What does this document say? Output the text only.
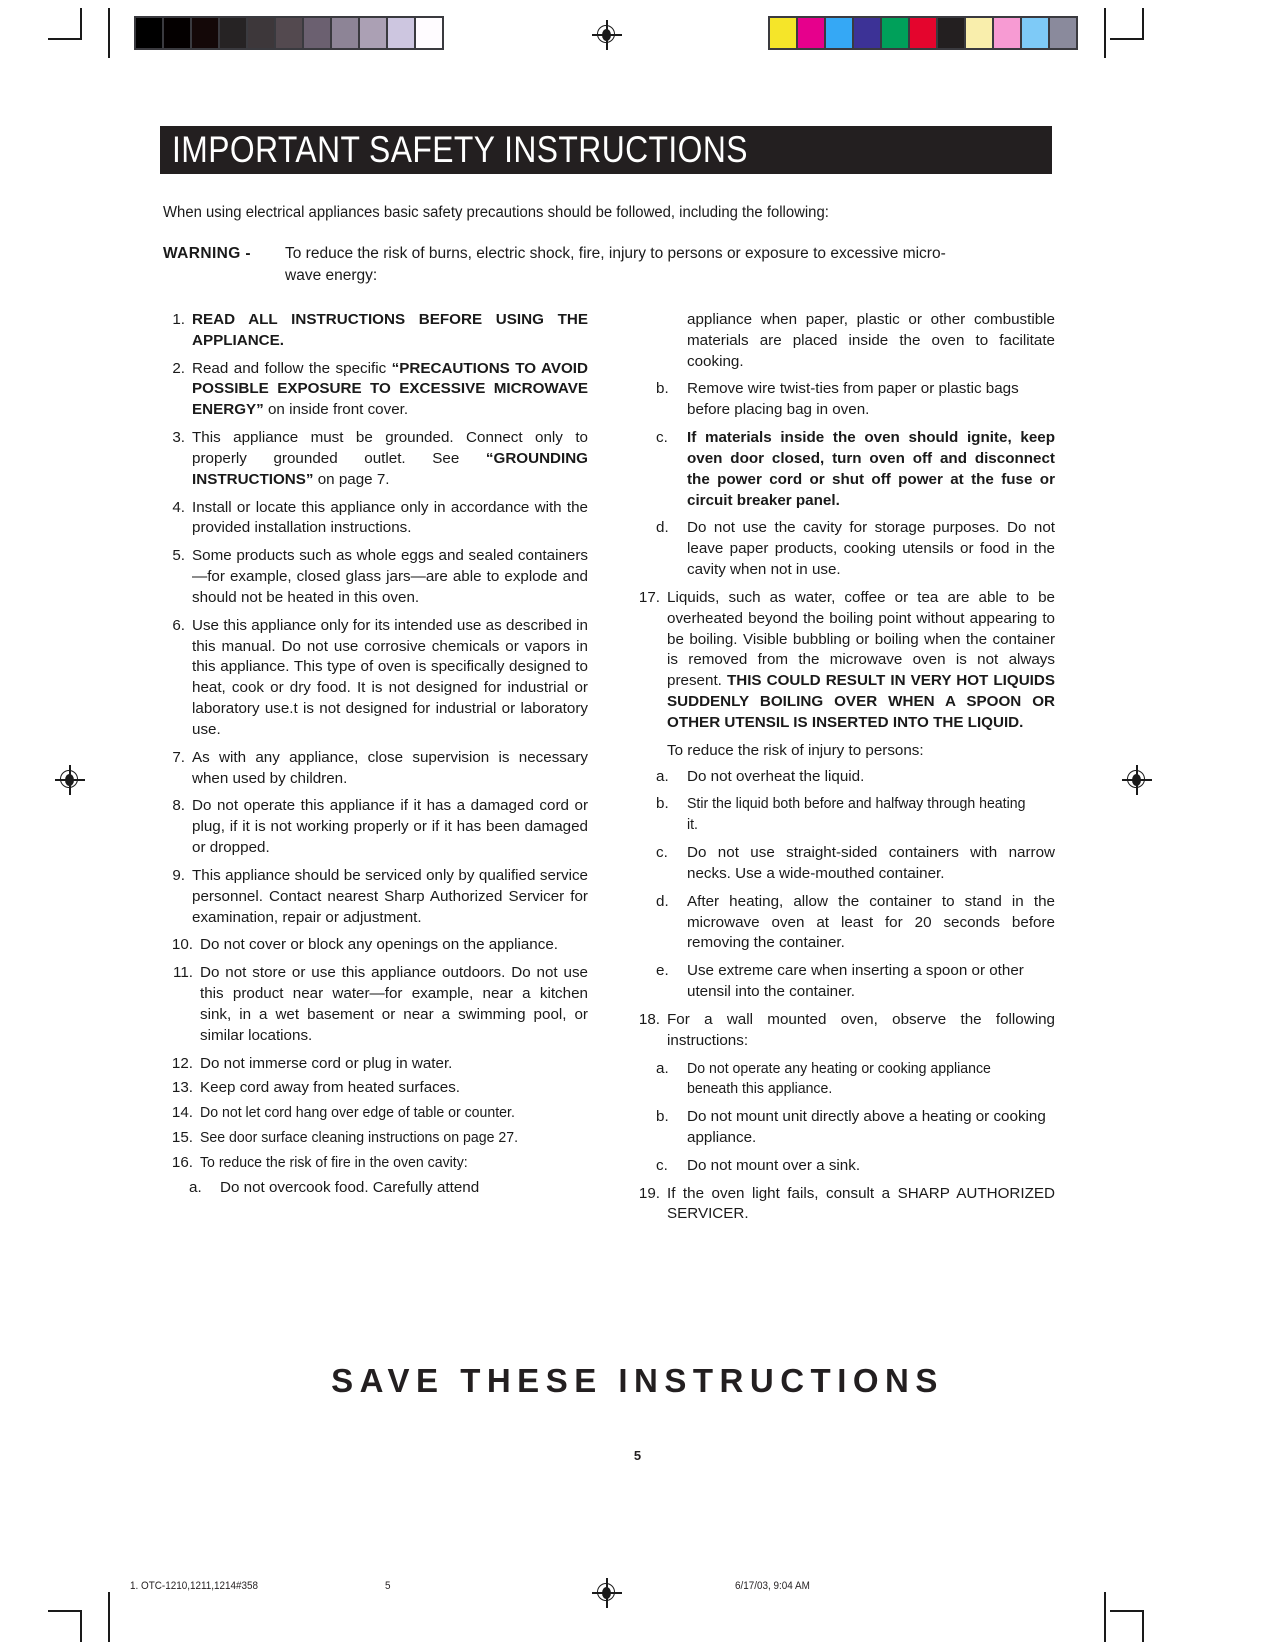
IMPORTANT SAFETY INSTRUCTIONS
When using electrical appliances basic safety precautions should be followed, including the following:
WARNING - To reduce the risk of burns, electric shock, fire, injury to persons or exposure to excessive micro-
wave energy:
1. READ ALL INSTRUCTIONS BEFORE USING THE APPLIANCE.
2. Read and follow the specific “PRECAUTIONS TO AVOID POSSIBLE EXPOSURE TO EXCESSIVE MICROWAVE ENERGY” on inside front cover.
3. This appliance must be grounded. Connect only to properly grounded outlet. See “GROUNDING INSTRUCTIONS” on page 7.
4. Install or locate this appliance only in accordance with the provided installation instructions.
5. Some products such as whole eggs and sealed containers—for example, closed glass jars—are able to explode and should not be heated in this oven.
6. Use this appliance only for its intended use as described in this manual. Do not use corrosive chemicals or vapors in this appliance. This type of oven is specifically designed to heat, cook or dry food. It is not designed for industrial or laboratory use.t is not designed for industrial or laboratory use.
7. As with any appliance, close supervision is necessary when used by children.
8. Do not operate this appliance if it has a damaged cord or plug, if it is not working properly or if it has been damaged or dropped.
9. This appliance should be serviced only by qualified service personnel. Contact nearest Sharp Authorized Servicer for examination, repair or adjustment.
10. Do not cover or block any openings on the appliance.
11. Do not store or use this appliance outdoors. Do not use this product near water—for example, near a kitchen sink, in a wet basement or near a swimming pool, or similar locations.
12. Do not immerse cord or plug in water.
13. Keep cord away from heated surfaces.
14. Do not let cord hang over edge of table or counter.
15. See door surface cleaning instructions on page 27.
16. To reduce the risk of fire in the oven cavity:
a.	Do not overcook food. Carefully attend
appliance when paper, plastic or other combustible materials are placed inside the oven to facilitate cooking.
b.	Remove wire twist-ties from paper or plastic bags before placing bag in oven.
c.	If materials inside the oven should ignite, keep oven door closed, turn oven off and disconnect the power cord or shut off power at the fuse or circuit breaker panel.
d.	Do not use the cavity for storage purposes. Do not leave paper products, cooking utensils or food in the cavity when not in use.
17. Liquids, such as water, coffee or tea are able to be overheated beyond the boiling point without appearing to be boiling. Visible bubbling or boiling when the container is removed from the microwave oven is not always present. THIS COULD RESULT IN VERY HOT LIQUIDS SUDDENLY BOILING OVER WHEN A SPOON OR OTHER UTENSIL IS INSERTED INTO THE LIQUID.
To reduce the risk of injury to persons:
a.	Do not overheat the liquid.
b.	Stir the liquid both before and halfway through heating it.
c.	Do not use straight-sided containers with narrow necks. Use a wide-mouthed container.
d.	After heating, allow the container to stand in the microwave oven at least for 20 seconds before removing the container.
e.	Use extreme care when inserting a spoon or other utensil into the container.
18. For a wall mounted oven, observe the following instructions:
a.	Do not operate any heating or cooking appliance beneath this appliance.
b.	Do not mount unit directly above a heating or cooking appliance.
c.	Do not mount over a sink.
19. If the oven light fails, consult a SHARP AUTHORIZED SERVICER.
SAVE THESE INSTRUCTIONS
5
1. OTC-1210,1211,1214#358	5	6/17/03, 9:04 AM
